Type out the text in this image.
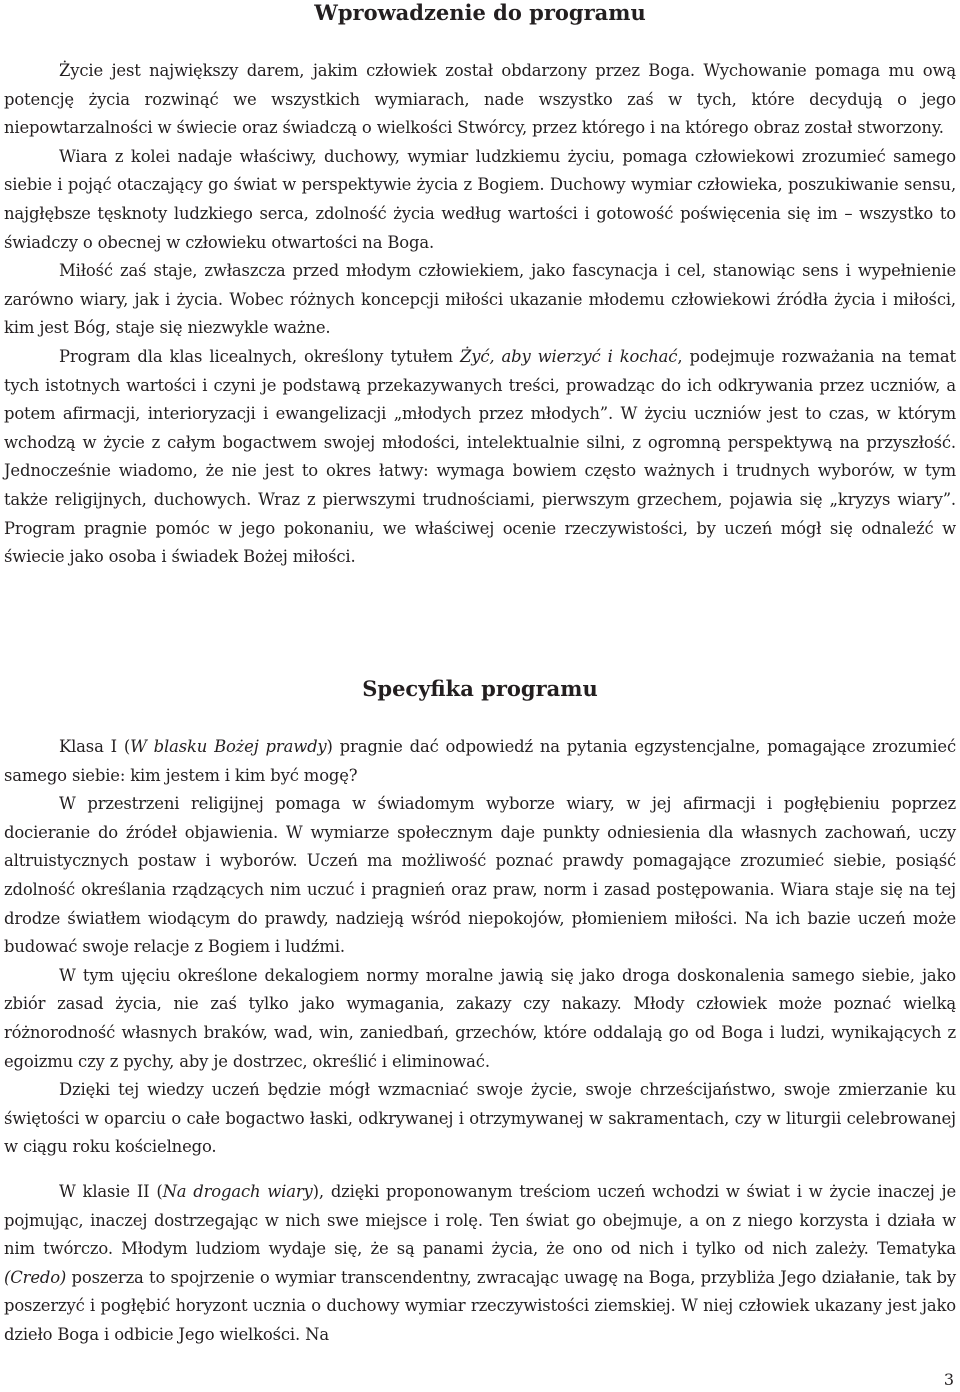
Wprowadzenie do programu

Życie jest największy darem, jakim człowiek został obdarzony przez Boga. Wychowanie pomaga mu ową potencję życia rozwinąć we wszystkich wymiarach, nade wszystko zaś w tych, które decydują o jego niepowtarzalności w świecie oraz świadczą o wielkości Stwórcy, przez którego i na którego obraz został stworzony.

Wiara z kolei nadaje właściwy, duchowy, wymiar ludzkiemu życiu, pomaga człowiekowi zrozumieć samego siebie i pojąć otaczający go świat w perspektywie życia z Bogiem. Duchowy wymiar człowieka, poszukiwanie sensu, najgłębsze tęsknoty ludzkiego serca, zdolność życia według wartości i gotowość poświęcenia się im – wszystko to świadczy o obecnej w człowieku otwartości na Boga.

Miłość zaś staje, zwłaszcza przed młodym człowiekiem, jako fascynacja i cel, stanowiąc sens i wypełnienie zarówno wiary, jak i życia. Wobec różnych koncepcji miłości ukazanie młodemu człowiekowi źródła życia i miłości, kim jest Bóg, staje się niezwykle ważne.

Program dla klas licealnych, określony tytułem Żyć, aby wierzyć i kochać, podejmuje rozważania na temat tych istotnych wartości i czyni je podstawą przekazywanych treści, prowadząc do ich odkrywania przez uczniów, a potem afirmacji, interioryzacji i ewangelizacji „młodych przez młodych”. W życiu uczniów jest to czas, w którym wchodzą w życie z całym bogactwem swojej młodości, intelektualnie silni, z ogromną perspektywą na przyszłość. Jednocześnie wiadomo, że nie jest to okres łatwy: wymaga bowiem często ważnych i trudnych wyborów, w tym także religijnych, duchowych. Wraz z pierwszymi trudnościami, pierwszym grzechem, pojawia się „kryzys wiary”. Program pragnie pomóc w jego pokonaniu, we właściwej ocenie rzeczywistości, by uczeń mógł się odnaleźć w świecie jako osoba i świadek Bożej miłości.

Specyfika programu

Klasa I (W blasku Bożej prawdy) pragnie dać odpowiedź na pytania egzystencjalne, pomagające zrozumieć samego siebie: kim jestem i kim być mogę?

W przestrzeni religijnej pomaga w świadomym wyborze wiary, w jej afirmacji i pogłębieniu poprzez docieranie do źródeł objawienia. W wymiarze społecznym daje punkty odniesienia dla własnych zachowań, uczy altruistycznych postaw i wyborów. Uczeń ma możliwość poznać prawdy pomagające zrozumieć siebie, posiąść zdolność określania rządzących nim uczuć i pragnień oraz praw, norm i zasad postępowania. Wiara staje się na tej drodze światłem wiodącym do prawdy, nadzieją wśród niepokojów, płomieniem miłości. Na ich bazie uczeń może budować swoje relacje z Bogiem i ludźmi.

W tym ujęciu określone dekalogiem normy moralne jawią się jako droga doskonalenia samego siebie, jako zbiór zasad życia, nie zaś tylko jako wymagania, zakazy czy nakazy. Młody człowiek może poznać wielką różnorodność własnych braków, wad, win, zaniedbań, grzechów, które oddalają go od Boga i ludzi, wynikających z egoizmu czy z pychy, aby je dostrzec, określić i eliminować.

Dzięki tej wiedzy uczeń będzie mógł wzmacniać swoje życie, swoje chrześcijaństwo, swoje zmierzanie ku świętości w oparciu o całe bogactwo łaski, odkrywanej i otrzymywanej w sakramentach, czy w liturgii celebrowanej w ciągu roku kościelnego.

W klasie II (Na drogach wiary), dzięki proponowanym treściom uczeń wchodzi w świat i w życie inaczej je pojmując, inaczej dostrzegając w nich swe miejsce i rolę. Ten świat go obejmuje, a on z niego korzysta i działa w nim twórczo. Młodym ludziom wydaje się, że są panami życia, że ono od nich i tylko od nich zależy. Tematyka (Credo) poszerza to spojrzenie o wymiar transcendentny, zwracając uwagę na Boga, przybliża Jego działanie, tak by poszerzyć i pogłębić horyzont ucznia o duchowy wymiar rzeczywistości ziemskiej. W niej człowiek ukazany jest jako dzieło Boga i odbicie Jego wielkości. Na

3
